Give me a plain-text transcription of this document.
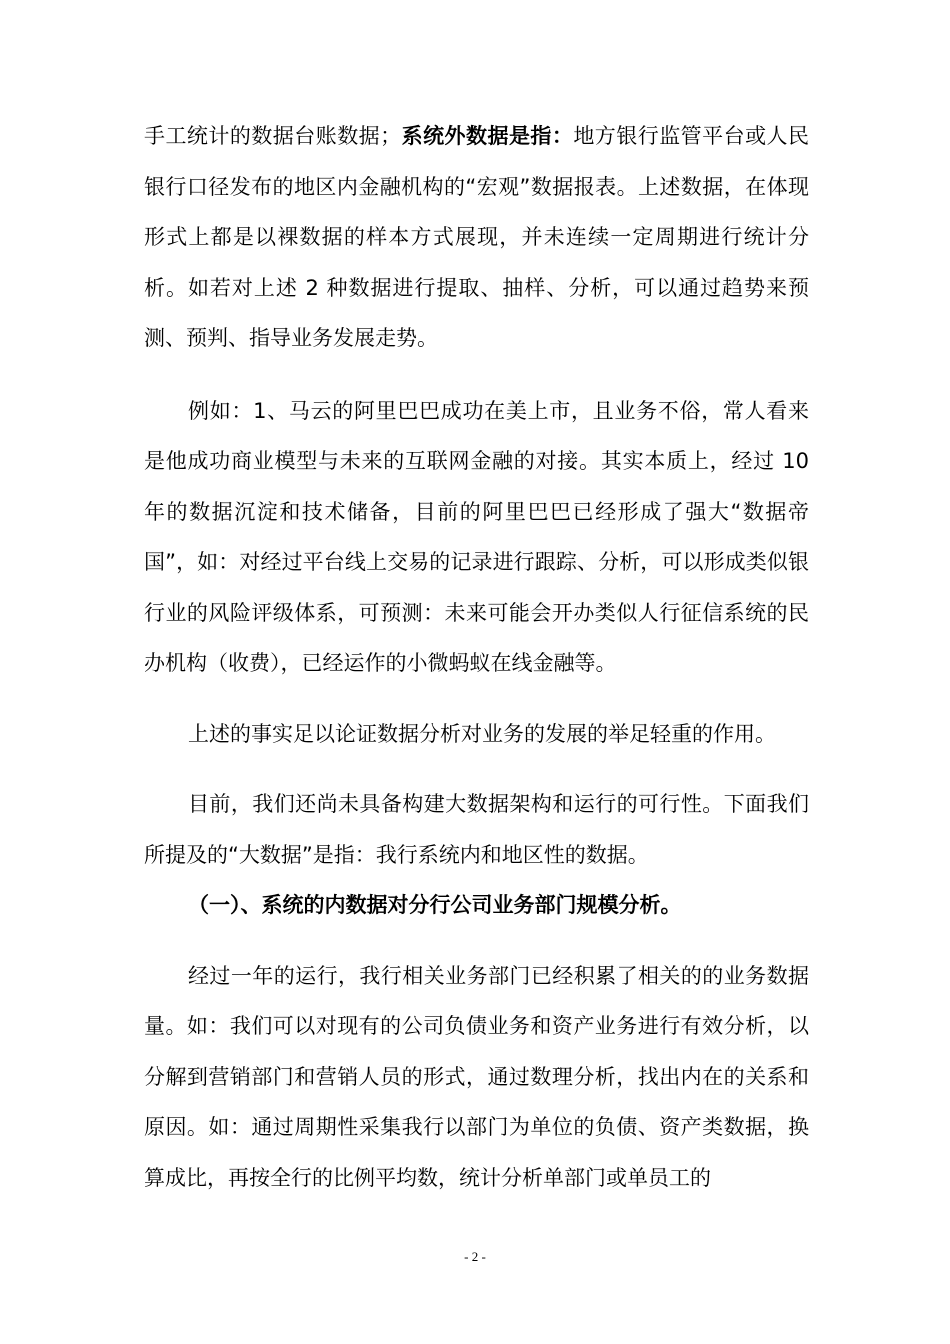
手工统计的数据台账数据；系统外数据是指：地方银行监管平台或人民银行口径发布的地区内金融机构的“宏观”数据报表。上述数据，在体现形式上都是以裸数据的样本方式展现，并未连续一定周期进行统计分析。如若对上述 2 种数据进行提取、抽样、分析，可以通过趋势来预测、预判、指导业务发展走势。

例如：1、马云的阿里巴巴成功在美上市，且业务不俗，常人看来是他成功商业模型与未来的互联网金融的对接。其实本质上，经过 10 年的数据沉淀和技术储备，目前的阿里巴巴已经形成了强大“数据帝国”，如：对经过平台线上交易的记录进行跟踪、分析，可以形成类似银行业的风险评级体系，可预测：未来可能会开办类似人行征信系统的民办机构（收费），已经运作的小微蚂蚁在线金融等。

上述的事实足以论证数据分析对业务的发展的举足轻重的作用。

目前，我们还尚未具备构建大数据架构和运行的可行性。下面我们所提及的“大数据”是指：我行系统内和地区性的数据。

（一）、系统的内数据对分行公司业务部门规模分析。

经过一年的运行，我行相关业务部门已经积累了相关的的业务数据量。如：我们可以对现有的公司负债业务和资产业务进行有效分析，以分解到营销部门和营销人员的形式，通过数理分析，找出内在的关系和原因。如：通过周期性采集我行以部门为单位的负债、资产类数据，换算成比，再按全行的比例平均数，统计分析单部门或单员工的

- 2 -
